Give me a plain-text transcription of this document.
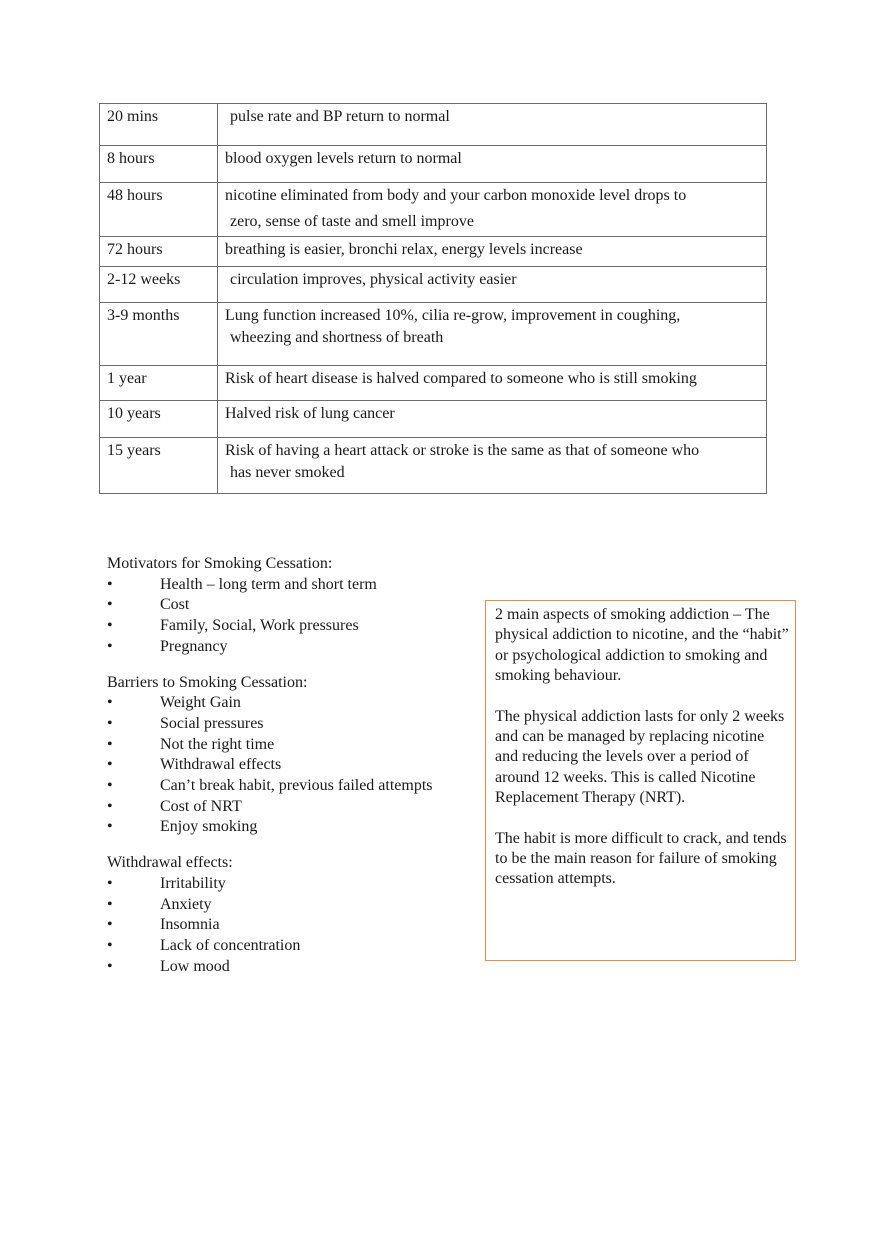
20 mins	pulse rate and BP return to normal

8 hours	blood oxygen levels return to normal
48 hours	nicotine eliminated from body and your carbon monoxide level drops to
zero, sense of taste and smell improve

72 hours	breathing is easier, bronchi relax, energy levels increase
2-12 weeks	circulation improves, physical activity easier

3-9 months	Lung function increased 10%, cilia re-grow, improvement in coughing,
wheezing and shortness of breath

1 year	Risk of heart disease is halved compared to someone who is still smoking
10 years	Halved risk of lung cancer
15 years	Risk of having a heart attack or stroke is the same as that of someone who
has never smoked

Motivators for Smoking Cessation:

•	Health – long term and short term
•	Cost
•	Family, Social, Work pressures
•	Pregnancy

Barriers to Smoking Cessation:

•	Weight Gain
•	Social pressures
•	Not the right time
•	Withdrawal effects
•	Can’t break habit, previous failed attempts
•	Cost of NRT
•	Enjoy smoking

Withdrawal effects:

•	Irritability
•	Anxiety
•	Insomnia
•	Lack of concentration
•	Low mood

2 main aspects of smoking addiction – The physical addiction to nicotine, and the “habit” or psychological addiction to smoking and smoking behaviour.

The physical addiction lasts for only 2 weeks and can be managed by replacing nicotine and reducing the levels over a period of around 12 weeks. This is called Nicotine Replacement Therapy (NRT).

The habit is more difficult to crack, and tends to be the main reason for failure of smoking cessation attempts.
